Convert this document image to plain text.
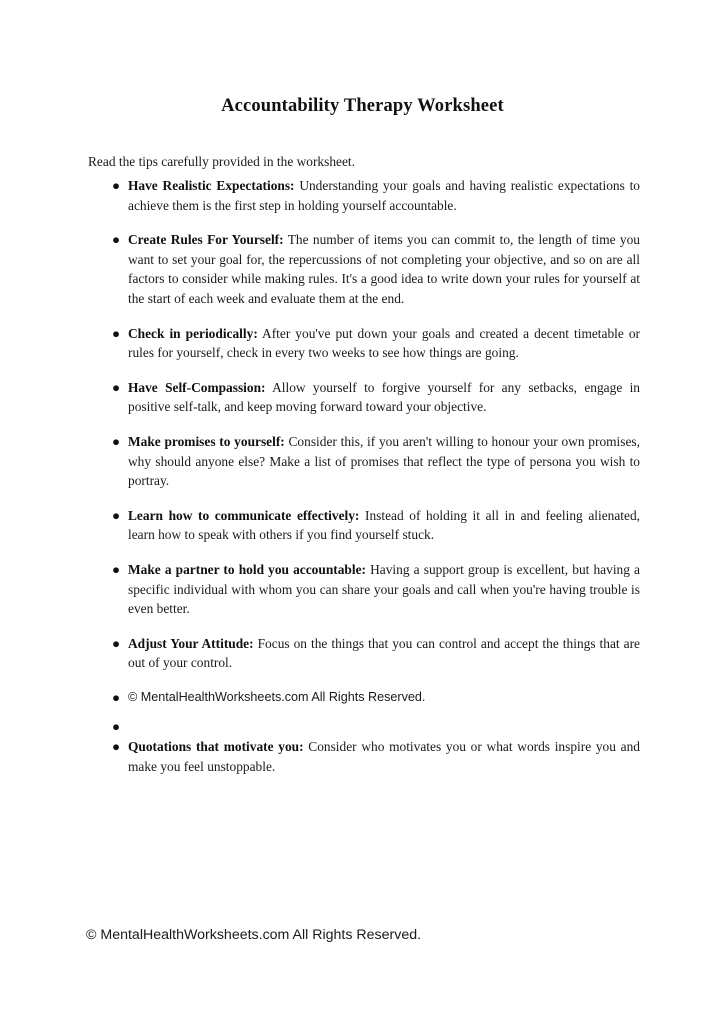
Accountability Therapy Worksheet

Read the tips carefully provided in the worksheet.

● Have Realistic Expectations: Understanding your goals and having realistic expectations to achieve them is the first step in holding yourself accountable.
● Create Rules For Yourself: The number of items you can commit to, the length of time you want to set your goal for, the repercussions of not completing your objective, and so on are all factors to consider while making rules. It's a good idea to write down your rules for yourself at the start of each week and evaluate them at the end.
● Check in periodically: After you've put down your goals and created a decent timetable or rules for yourself, check in every two weeks to see how things are going.
● Have Self-Compassion: Allow yourself to forgive yourself for any setbacks, engage in positive self-talk, and keep moving forward toward your objective.
● Make promises to yourself: Consider this, if you aren't willing to honour your own promises, why should anyone else? Make a list of promises that reflect the type of persona you wish to portray.
● Learn how to communicate effectively: Instead of holding it all in and feeling alienated, learn how to speak with others if you find yourself stuck.
● Make a partner to hold you accountable: Having a support group is excellent, but having a specific individual with whom you can share your goals and call when you're having trouble is even better.
● Adjust Your Attitude: Focus on the things that you can control and accept the things that are out of your control.
● © MentalHealthWorksheets.com All Rights Reserved.
●
● Quotations that motivate you: Consider who motivates you or what words inspire you and make you feel unstoppable.
© MentalHealthWorksheets.com All Rights Reserved.
